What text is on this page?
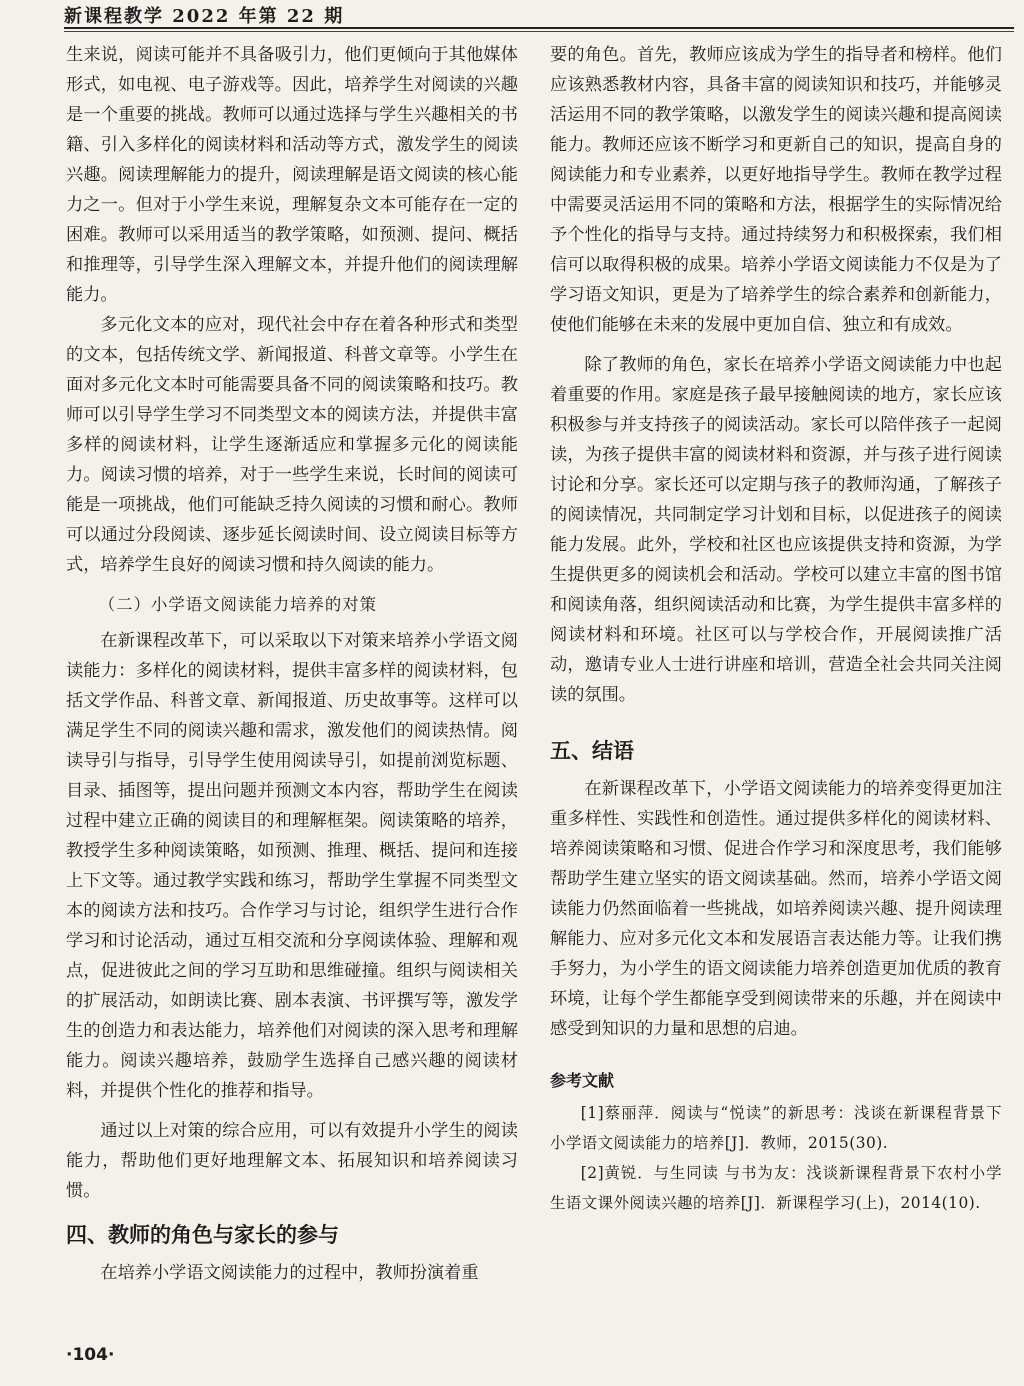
新课程教学 2022 年第 22 期

生来说，阅读可能并不具备吸引力，他们更倾向于其他媒体形式，如电视、电子游戏等。因此，培养学生对阅读的兴趣是一个重要的挑战。教师可以通过选择与学生兴趣相关的书籍、引入多样化的阅读材料和活动等方式，激发学生的阅读兴趣。阅读理解能力的提升，阅读理解是语文阅读的核心能力之一。但对于小学生来说，理解复杂文本可能存在一定的困难。教师可以采用适当的教学策略，如预测、提问、概括和推理等，引导学生深入理解文本，并提升他们的阅读理解能力。

多元化文本的应对，现代社会中存在着各种形式和类型的文本，包括传统文学、新闻报道、科普文章等。小学生在面对多元化文本时可能需要具备不同的阅读策略和技巧。教师可以引导学生学习不同类型文本的阅读方法，并提供丰富多样的阅读材料，让学生逐渐适应和掌握多元化的阅读能力。阅读习惯的培养，对于一些学生来说，长时间的阅读可能是一项挑战，他们可能缺乏持久阅读的习惯和耐心。教师可以通过分段阅读、逐步延长阅读时间、设立阅读目标等方式，培养学生良好的阅读习惯和持久阅读的能力。

（二）小学语文阅读能力培养的对策

在新课程改革下，可以采取以下对策来培养小学语文阅读能力：多样化的阅读材料，提供丰富多样的阅读材料，包括文学作品、科普文章、新闻报道、历史故事等。这样可以满足学生不同的阅读兴趣和需求，激发他们的阅读热情。阅读导引与指导，引导学生使用阅读导引，如提前浏览标题、目录、插图等，提出问题并预测文本内容，帮助学生在阅读过程中建立正确的阅读目的和理解框架。阅读策略的培养，教授学生多种阅读策略，如预测、推理、概括、提问和连接上下文等。通过教学实践和练习，帮助学生掌握不同类型文本的阅读方法和技巧。合作学习与讨论，组织学生进行合作学习和讨论活动，通过互相交流和分享阅读体验、理解和观点，促进彼此之间的学习互助和思维碰撞。组织与阅读相关的扩展活动，如朗读比赛、剧本表演、书评撰写等，激发学生的创造力和表达能力，培养他们对阅读的深入思考和理解能力。阅读兴趣培养，鼓励学生选择自己感兴趣的阅读材料，并提供个性化的推荐和指导。

通过以上对策的综合应用，可以有效提升小学生的阅读能力，帮助他们更好地理解文本、拓展知识和培养阅读习惯。

四、教师的角色与家长的参与

在培养小学语文阅读能力的过程中，教师扮演着重

要的角色。首先，教师应该成为学生的指导者和榜样。他们应该熟悉教材内容，具备丰富的阅读知识和技巧，并能够灵活运用不同的教学策略，以激发学生的阅读兴趣和提高阅读能力。教师还应该不断学习和更新自己的知识，提高自身的阅读能力和专业素养，以更好地指导学生。教师在教学过程中需要灵活运用不同的策略和方法，根据学生的实际情况给予个性化的指导与支持。通过持续努力和积极探索，我们相信可以取得积极的成果。培养小学语文阅读能力不仅是为了学习语文知识，更是为了培养学生的综合素养和创新能力，使他们能够在未来的发展中更加自信、独立和有成效。

除了教师的角色，家长在培养小学语文阅读能力中也起着重要的作用。家庭是孩子最早接触阅读的地方，家长应该积极参与并支持孩子的阅读活动。家长可以陪伴孩子一起阅读，为孩子提供丰富的阅读材料和资源，并与孩子进行阅读讨论和分享。家长还可以定期与孩子的教师沟通，了解孩子的阅读情况，共同制定学习计划和目标，以促进孩子的阅读能力发展。此外，学校和社区也应该提供支持和资源，为学生提供更多的阅读机会和活动。学校可以建立丰富的图书馆和阅读角落，组织阅读活动和比赛，为学生提供丰富多样的阅读材料和环境。社区可以与学校合作，开展阅读推广活动，邀请专业人士进行讲座和培训，营造全社会共同关注阅读的氛围。

五、结语

在新课程改革下，小学语文阅读能力的培养变得更加注重多样性、实践性和创造性。通过提供多样化的阅读材料、培养阅读策略和习惯、促进合作学习和深度思考，我们能够帮助学生建立坚实的语文阅读基础。然而，培养小学语文阅读能力仍然面临着一些挑战，如培养阅读兴趣、提升阅读理解能力、应对多元化文本和发展语言表达能力等。让我们携手努力，为小学生的语文阅读能力培养创造更加优质的教育环境，让每个学生都能享受到阅读带来的乐趣，并在阅读中感受到知识的力量和思想的启迪。

参考文献

[1]蔡丽萍．阅读与“悦读”的新思考：浅谈在新课程背景下小学语文阅读能力的培养[J]．教师，2015(30).

[2]黄锐．与生同读 与书为友：浅谈新课程背景下农村小学生语文课外阅读兴趣的培养[J]．新课程学习(上)，2014(10).

·104·
